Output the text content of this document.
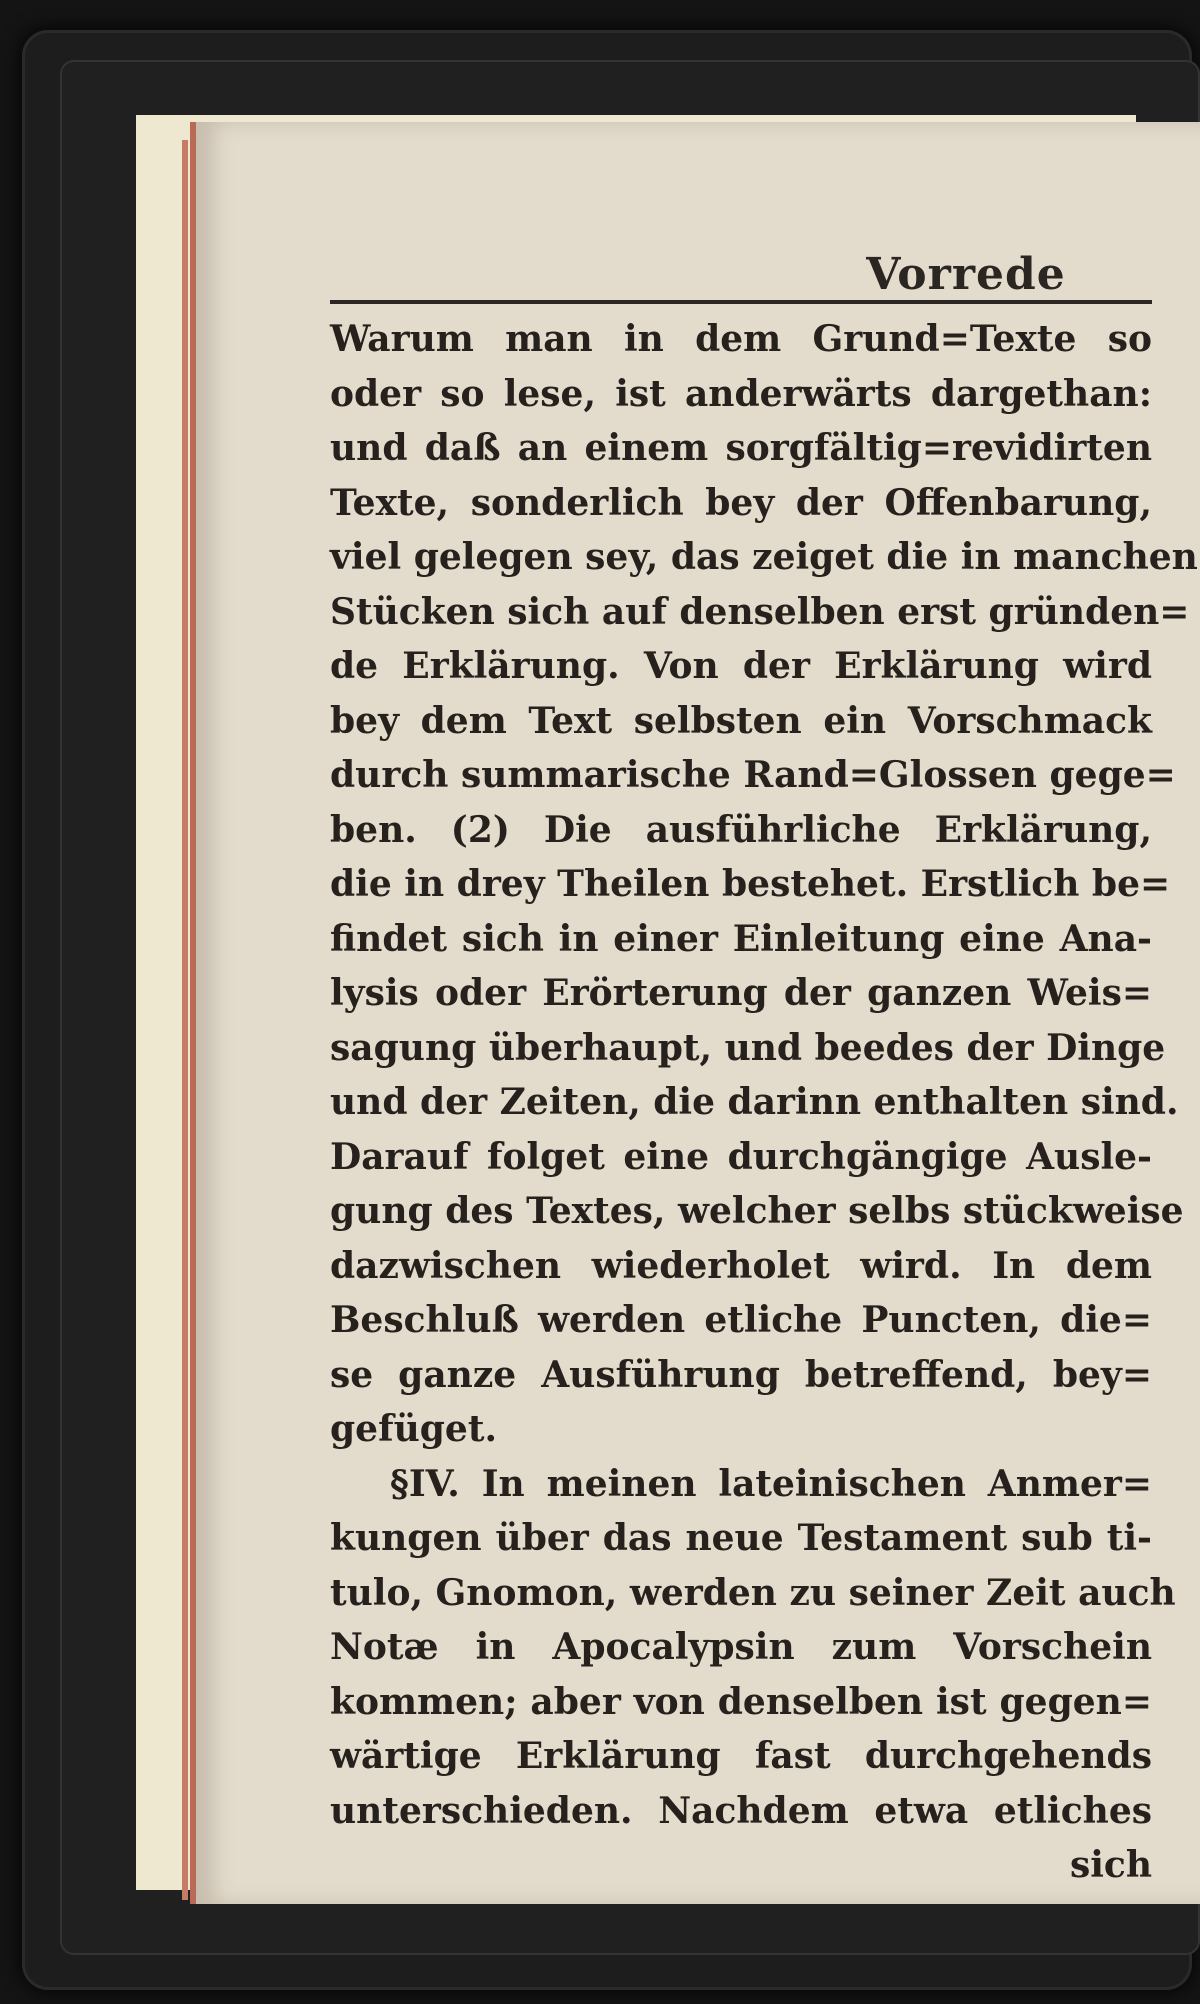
Vorrede
Warum man in dem Grund=Texte so
oder so lese, ist anderwärts dargethan:
und daß an einem sorgfältig=revidirten
Texte, sonderlich bey der Offenbarung,
viel gelegen sey, das zeiget die in manchen
Stücken sich auf denselben erst gründen=
de Erklärung. Von der Erklärung wird
bey dem Text selbsten ein Vorschmack
durch summarische Rand=Glossen gege=
ben. (2) Die ausführliche Erklärung,
die in drey Theilen bestehet. Erstlich be=
findet sich in einer Einleitung eine Ana-
lysis oder Erörterung der ganzen Weis=
sagung überhaupt, und beedes der Dinge
und der Zeiten, die darinn enthalten sind.
Darauf folget eine durchgängige Ausle-
gung des Textes, welcher selbs stückweise
dazwischen wiederholet wird. In dem
Beschluß werden etliche Puncten, die=
se ganze Ausführung betreffend, bey=
gefüget.
§IV. In meinen lateinischen Anmer=
kungen über das neue Testament sub ti-
tulo, Gnomon, werden zu seiner Zeit auch
Notæ in Apocalypsin zum Vorschein
kommen; aber von denselben ist gegen=
wärtige Erklärung fast durchgehends
unterschieden. Nachdem etwa etliches
sich
